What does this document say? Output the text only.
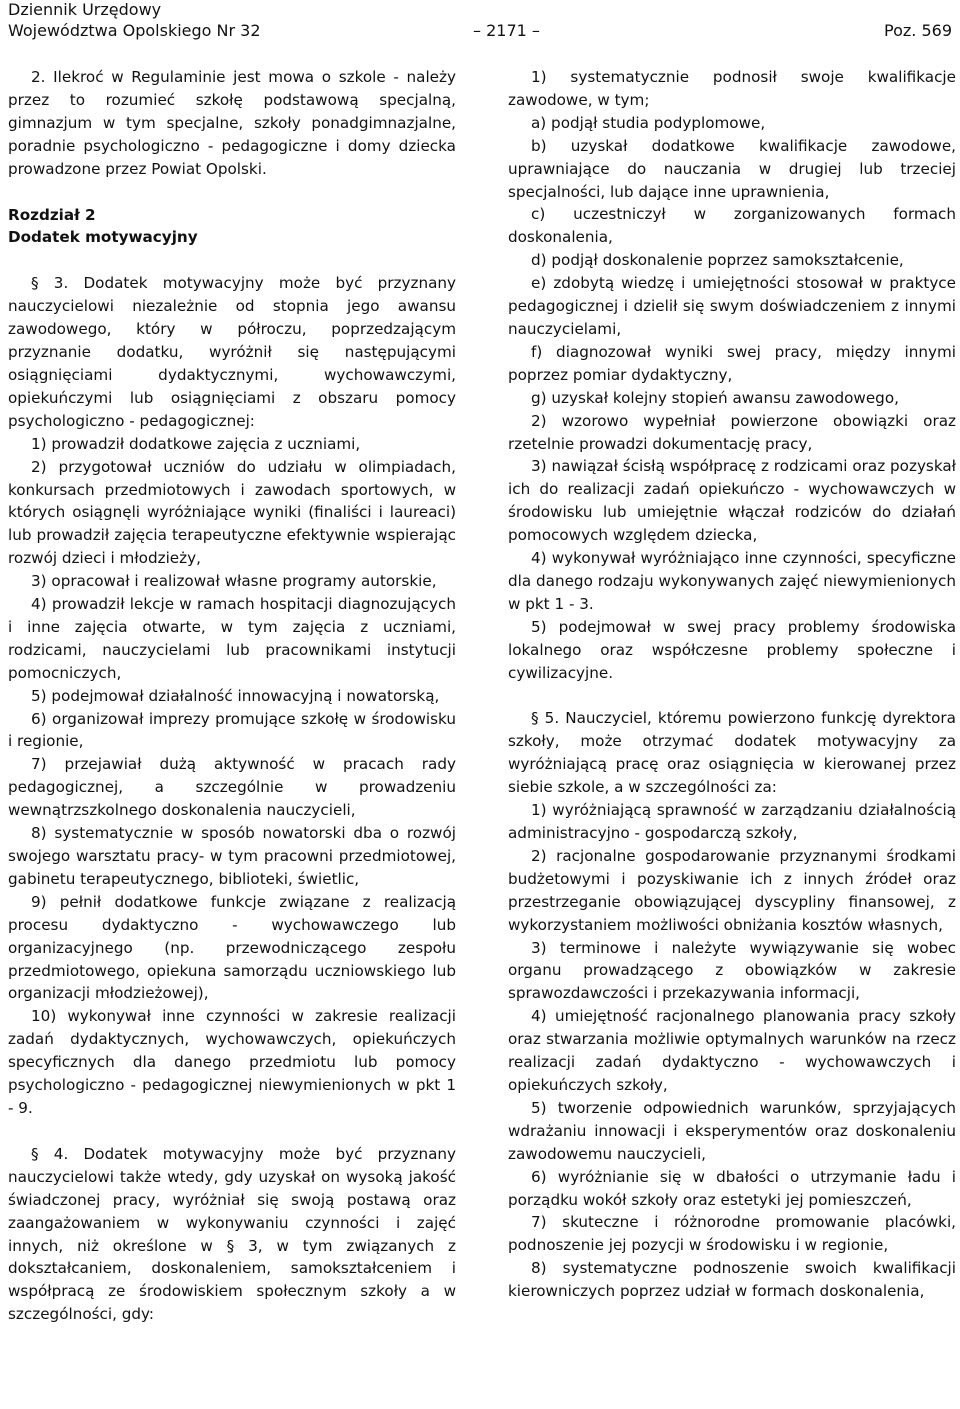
Dziennik Urzędowy
Województwa Opolskiego Nr 32	– 2171 –	Poz. 569

2. Ilekroć w Regulaminie jest mowa o szkole - należy przez to rozumieć szkołę podstawową specjalną, gimnazjum w tym specjalne, szkoły ponadgimnazjalne, poradnie psychologiczno - pedagogiczne i domy dziecka prowadzone przez Powiat Opolski.

Rozdział 2

Dodatek motywacyjny

§ 3. Dodatek motywacyjny może być przyznany nauczycielowi niezależnie od stopnia jego awansu zawodowego, który w półroczu, poprzedzającym przyznanie dodatku, wyróżnił się następującymi osiągnięciami dydaktycznymi, wychowawczymi, opiekuńczymi lub osiągnięciami z obszaru pomocy psychologiczno - pedagogicznej:

1) prowadził dodatkowe zajęcia z uczniami,

2) przygotował uczniów do udziału w olimpiadach, konkursach przedmiotowych i zawodach sportowych, w których osiągnęli wyróżniające wyniki (finaliści i laureaci) lub prowadził zajęcia terapeutyczne efektywnie wspierając rozwój dzieci i młodzieży,

3) opracował i realizował własne programy autorskie,

4) prowadził lekcje w ramach hospitacji diagnozujących i inne zajęcia otwarte, w tym zajęcia z uczniami, rodzicami, nauczycielami lub pracownikami instytucji pomocniczych,

5) podejmował działalność innowacyjną i nowatorską,

6) organizował imprezy promujące szkołę w środowisku i regionie,

7) przejawiał dużą aktywność w pracach rady pedagogicznej, a szczególnie w prowadzeniu wewnątrzszkolnego doskonalenia nauczycieli,

8) systematycznie w sposób nowatorski dba o rozwój swojego warsztatu pracy- w tym pracowni przedmiotowej, gabinetu terapeutycznego, biblioteki, świetlic,

9) pełnił dodatkowe funkcje związane z realizacją procesu dydaktyczno - wychowawczego lub organizacyjnego (np. przewodniczącego zespołu przedmiotowego, opiekuna samorządu uczniowskiego lub organizacji młodzieżowej),

10) wykonywał inne czynności w zakresie realizacji zadań dydaktycznych, wychowawczych, opiekuńczych specyficznych dla danego przedmiotu lub pomocy psychologiczno - pedagogicznej niewymienionych w pkt 1 - 9.

§ 4. Dodatek motywacyjny może być przyznany nauczycielowi także wtedy, gdy uzyskał on wysoką jakość świadczonej pracy, wyróżniał się swoją postawą oraz zaangażowaniem w wykonywaniu czynności i zajęć innych, niż określone w § 3, w tym związanych z dokształcaniem, doskonaleniem, samokształceniem i współpracą ze środowiskiem społecznym szkoły a w szczególności, gdy:

1) systematycznie podnosił swoje kwalifikacje zawodowe, w tym;

a) podjął studia podyplomowe,

b) uzyskał dodatkowe kwalifikacje zawodowe, uprawniające do nauczania w drugiej lub trzeciej specjalności, lub dające inne uprawnienia,

c) uczestniczył w zorganizowanych formach doskonalenia,

d) podjął doskonalenie poprzez samokształcenie,

e) zdobytą wiedzę i umiejętności stosował w praktyce pedagogicznej i dzielił się swym doświadczeniem z innymi nauczycielami,

f) diagnozował wyniki swej pracy, między innymi poprzez pomiar dydaktyczny,

g) uzyskał kolejny stopień awansu zawodowego,

2) wzorowo wypełniał powierzone obowiązki oraz rzetelnie prowadzi dokumentację pracy,

3) nawiązał ścisłą współpracę z rodzicami oraz pozyskał ich do realizacji zadań opiekuńczo - wychowawczych w środowisku lub umiejętnie włączał rodziców do działań pomocowych względem dziecka,

4) wykonywał wyróżniająco inne czynności, specyficzne dla danego rodzaju wykonywanych zajęć niewymienionych w pkt 1 - 3.

5) podejmował w swej pracy problemy środowiska lokalnego oraz współczesne problemy społeczne i cywilizacyjne.

§ 5. Nauczyciel, któremu powierzono funkcję dyrektora szkoły, może otrzymać dodatek motywacyjny za wyróżniającą pracę oraz osiągnięcia w kierowanej przez siebie szkole, a w szczególności za:

1) wyróżniającą sprawność w zarządzaniu działalnością administracyjno - gospodarczą szkoły,

2) racjonalne gospodarowanie przyznanymi środkami budżetowymi i pozyskiwanie ich z innych źródeł oraz przestrzeganie obowiązującej dyscypliny finansowej, z wykorzystaniem możliwości obniżania kosztów własnych,

3) terminowe i należyte wywiązywanie się wobec organu prowadzącego z obowiązków w zakresie sprawozdawczości i przekazywania informacji,

4) umiejętność racjonalnego planowania pracy szkoły oraz stwarzania możliwie optymalnych warunków na rzecz realizacji zadań dydaktyczno - wychowawczych i opiekuńczych szkoły,

5) tworzenie odpowiednich warunków, sprzyjających wdrażaniu innowacji i eksperymentów oraz doskonaleniu zawodowemu nauczycieli,

6) wyróżnianie się w dbałości o utrzymanie ładu i porządku wokół szkoły oraz estetyki jej pomieszczeń,

7) skuteczne i różnorodne promowanie placówki, podnoszenie jej pozycji w środowisku i w regionie,

8) systematyczne podnoszenie swoich kwalifikacji kierowniczych poprzez udział w formach doskonalenia,
